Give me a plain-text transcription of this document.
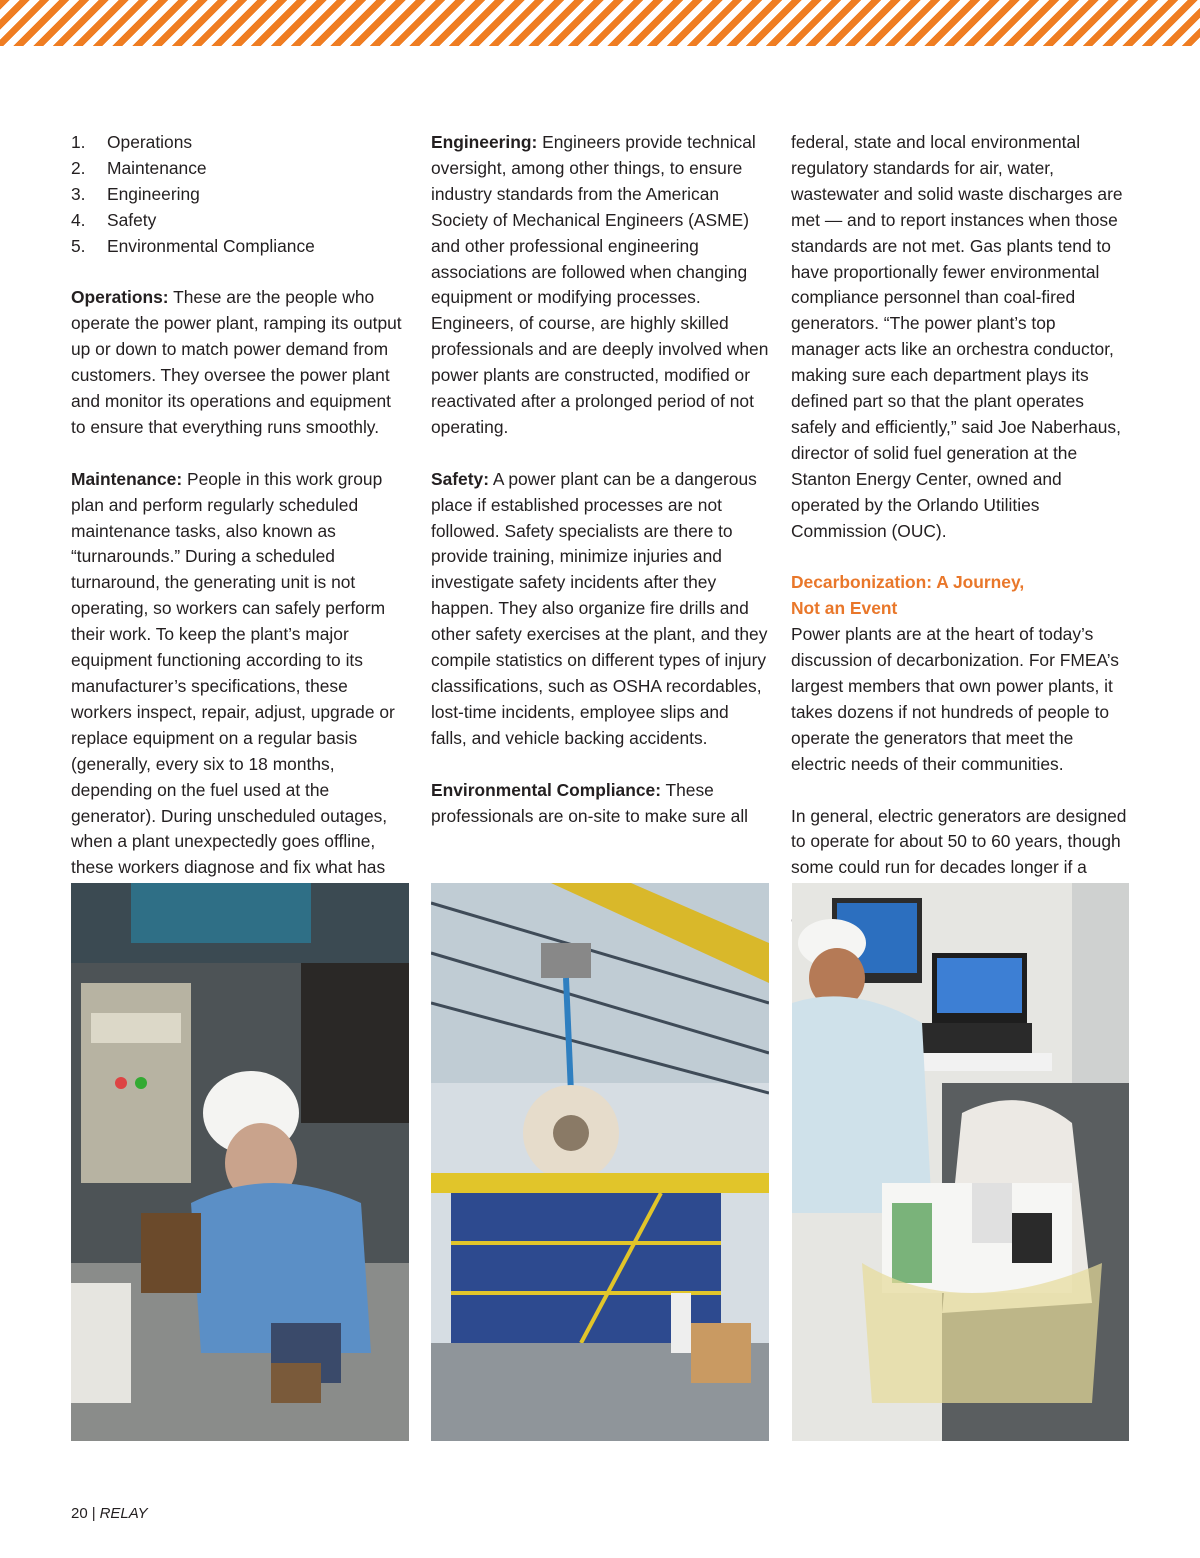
1.	Operations
2.	Maintenance
3.	Engineering
4.	Safety
5.	Environmental Compliance

Operations: These are the people who operate the power plant, ramping its output up or down to match power demand from customers. They oversee the power plant and monitor its operations and equipment to ensure that everything runs smoothly.

Maintenance: People in this work group plan and perform regularly scheduled maintenance tasks, also known as “turnarounds.” During a scheduled turnaround, the generating unit is not operating, so workers can safely perform their work. To keep the plant’s major equipment functioning according to its manufacturer’s specifications, these workers inspect, repair, adjust, upgrade or replace equipment on a regular basis (generally, every six to 18 months, depending on the fuel used at the generator). During unscheduled outages, when a plant unexpectedly goes offline, these workers diagnose and fix what has

Engineering: Engineers provide technical oversight, among other things, to ensure industry standards from the American Society of Mechanical Engineers (ASME) and other professional engineering associations are followed when changing equipment or modifying processes. Engineers, of course, are highly skilled professionals and are deeply involved when power plants are constructed, modified or reactivated after a prolonged period of not operating.

Safety: A power plant can be a dangerous place if established processes are not followed. Safety specialists are there to provide training, minimize injuries and investigate safety incidents after they happen. They also organize fire drills and other safety exercises at the plant, and they compile statistics on different types of injury classifications, such as OSHA recordables, lost-time incidents, employee slips and falls, and vehicle backing accidents.

Environmental Compliance: These professionals are on-site to make sure all

federal, state and local environmental regulatory standards for air, water, wastewater and solid waste discharges are met — and to report instances when those standards are not met. Gas plants tend to have proportionally fewer environmental compliance personnel than coal-fired generators. “The power plant’s top manager acts like an orchestra conductor, making sure each department plays its defined part so that the plant operates safely and efficiently,” said Joe Naberhaus, director of solid fuel generation at the Stanton Energy Center, owned and operated by the Orlando Utilities Commission (OUC).

Decarbonization: A Journey,
Not an Event

Power plants are at the heart of today’s discussion of decarbonization. For FMEA’s largest members that own power plants, it takes dozens if not hundreds of people to operate the generators that meet the electric needs of their communities.

In general, electric generators are designed to operate for about 50 to 60 years, though some could run for decades longer if a

20 | RELAY
